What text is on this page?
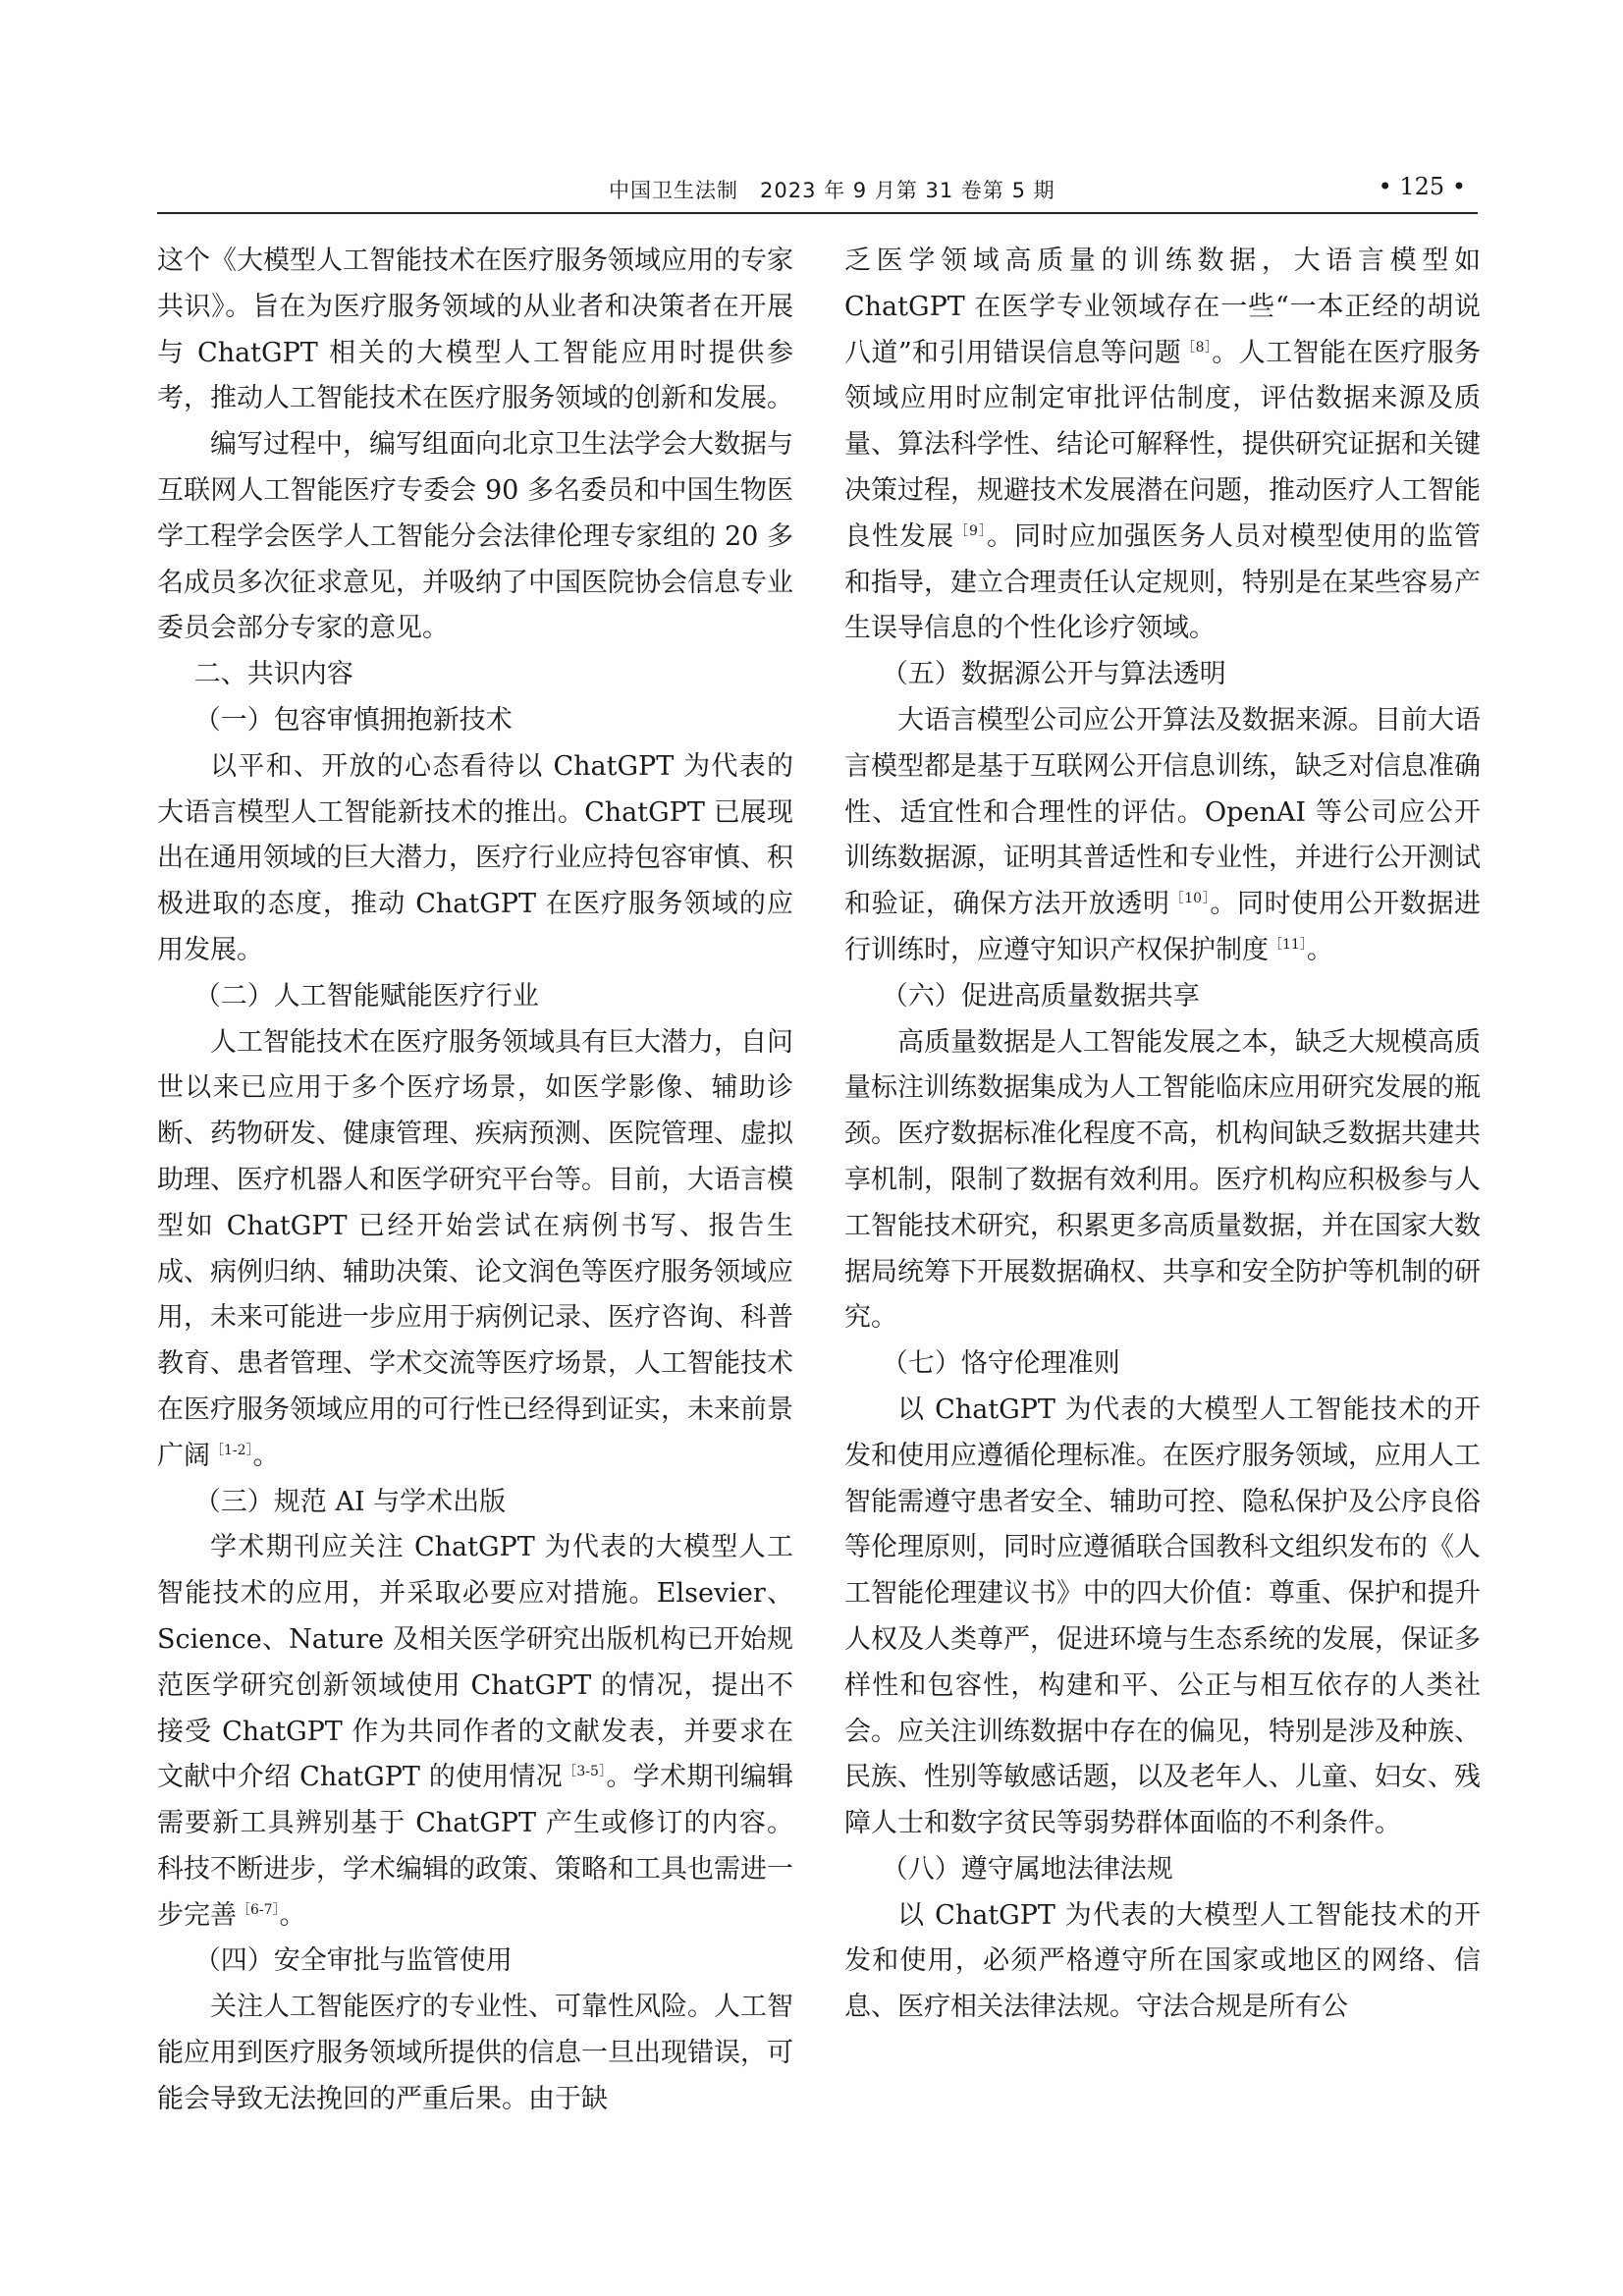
中国卫生法制　2023 年 9 月第 31 卷第 5 期	• 125 •

这个《大模型人工智能技术在医疗服务领域应用的专家共识》。旨在为医疗服务领域的从业者和决策者在开展与 ChatGPT 相关的大模型人工智能应用时提供参考，推动人工智能技术在医疗服务领域的创新和发展。

编写过程中，编写组面向北京卫生法学会大数据与互联网人工智能医疗专委会 90 多名委员和中国生物医学工程学会医学人工智能分会法律伦理专家组的 20 多名成员多次征求意见，并吸纳了中国医院协会信息专业委员会部分专家的意见。

二、共识内容

（一）包容审慎拥抱新技术

以平和、开放的心态看待以 ChatGPT 为代表的大语言模型人工智能新技术的推出。ChatGPT 已展现出在通用领域的巨大潜力，医疗行业应持包容审慎、积极进取的态度，推动 ChatGPT 在医疗服务领域的应用发展。

（二）人工智能赋能医疗行业

人工智能技术在医疗服务领域具有巨大潜力，自问世以来已应用于多个医疗场景，如医学影像、辅助诊断、药物研发、健康管理、疾病预测、医院管理、虚拟助理、医疗机器人和医学研究平台等。目前，大语言模型如 ChatGPT 已经开始尝试在病例书写、报告生成、病例归纳、辅助决策、论文润色等医疗服务领域应用，未来可能进一步应用于病例记录、医疗咨询、科普教育、患者管理、学术交流等医疗场景，人工智能技术在医疗服务领域应用的可行性已经得到证实，未来前景广阔$^{[1-2]}$。

（三）规范 AI 与学术出版

学术期刊应关注 ChatGPT 为代表的大模型人工智能技术的应用，并采取必要应对措施。Elsevier、Science、Nature 及相关医学研究出版机构已开始规范医学研究创新领域使用 ChatGPT 的情况，提出不接受 ChatGPT 作为共同作者的文献发表，并要求在文献中介绍 ChatGPT 的使用情况$^{[3-5]}$。学术期刊编辑需要新工具辨别基于 ChatGPT 产生或修订的内容。科技不断进步，学术编辑的政策、策略和工具也需进一步完善$^{[6-7]}$。

（四）安全审批与监管使用

关注人工智能医疗的专业性、可靠性风险。人工智能应用到医疗服务领域所提供的信息一旦出现错误，可能会导致无法挽回的严重后果。由于缺

乏医学领域高质量的训练数据，大语言模型如 ChatGPT 在医学专业领域存在一些“一本正经的胡说八道”和引用错误信息等问题$^{[8]}$。人工智能在医疗服务领域应用时应制定审批评估制度，评估数据来源及质量、算法科学性、结论可解释性，提供研究证据和关键决策过程，规避技术发展潜在问题，推动医疗人工智能良性发展$^{[9]}$。同时应加强医务人员对模型使用的监管和指导，建立合理责任认定规则，特别是在某些容易产生误导信息的个性化诊疗领域。

（五）数据源公开与算法透明

大语言模型公司应公开算法及数据来源。目前大语言模型都是基于互联网公开信息训练，缺乏对信息准确性、适宜性和合理性的评估。OpenAI 等公司应公开训练数据源，证明其普适性和专业性，并进行公开测试和验证，确保方法开放透明$^{[10]}$。同时使用公开数据进行训练时，应遵守知识产权保护制度$^{[11]}$。

（六）促进高质量数据共享

高质量数据是人工智能发展之本，缺乏大规模高质量标注训练数据集成为人工智能临床应用研究发展的瓶颈。医疗数据标准化程度不高，机构间缺乏数据共建共享机制，限制了数据有效利用。医疗机构应积极参与人工智能技术研究，积累更多高质量数据，并在国家大数据局统筹下开展数据确权、共享和安全防护等机制的研究。

（七）恪守伦理准则

以 ChatGPT 为代表的大模型人工智能技术的开发和使用应遵循伦理标准。在医疗服务领域，应用人工智能需遵守患者安全、辅助可控、隐私保护及公序良俗等伦理原则，同时应遵循联合国教科文组织发布的《人工智能伦理建议书》中的四大价值：尊重、保护和提升人权及人类尊严，促进环境与生态系统的发展，保证多样性和包容性，构建和平、公正与相互依存的人类社会。应关注训练数据中存在的偏见，特别是涉及种族、民族、性别等敏感话题，以及老年人、儿童、妇女、残障人士和数字贫民等弱势群体面临的不利条件。

（八）遵守属地法律法规

以 ChatGPT 为代表的大模型人工智能技术的开发和使用，必须严格遵守所在国家或地区的网络、信息、医疗相关法律法规。守法合规是所有公
